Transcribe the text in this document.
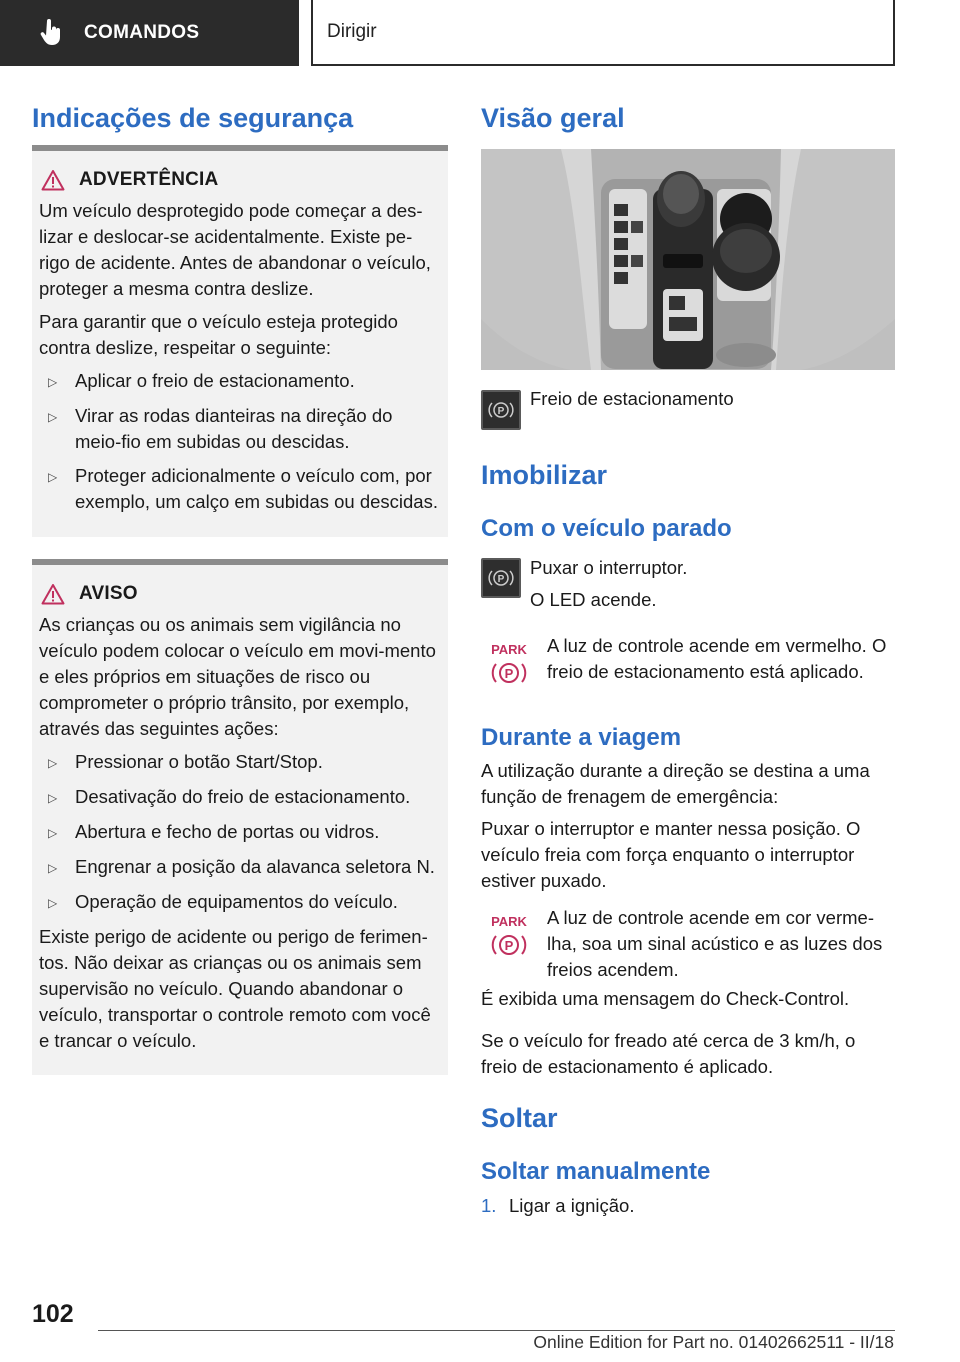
COMANDOS	Dirigir
Indicações de segurança
ADVERTÊNCIA

Um veículo desprotegido pode começar a des-lizar e deslocar-se acidentalmente. Existe pe-rigo de acidente. Antes de abandonar o veículo, proteger a mesma contra deslize.

Para garantir que o veículo esteja protegido contra deslize, respeitar o seguinte:

▷ Aplicar o freio de estacionamento.
▷ Virar as rodas dianteiras na direção do meio-fio em subidas ou descidas.
▷ Proteger adicionalmente o veículo com, por exemplo, um calço em subidas ou descidas.
AVISO

As crianças ou os animais sem vigilância no veículo podem colocar o veículo em movi-mento e eles próprios em situações de risco ou comprometer o próprio trânsito, por exemplo, através das seguintes ações:

▷ Pressionar o botão Start/Stop.
▷ Desativação do freio de estacionamento.
▷ Abertura e fecho de portas ou vidros.
▷ Engrenar a posição da alavanca seletora N.
▷ Operação de equipamentos do veículo.

Existe perigo de acidente ou perigo de ferimen-tos. Não deixar as crianças ou os animais sem supervisão no veículo. Quando abandonar o veículo, transportar o controle remoto com você e trancar o veículo.

Visão geral
P
Freio de estacionamento
Imobilizar
Com o veículo parado
P
Puxar o interruptor.
O LED acende.
PARK
P
A luz de controle acende em vermelho. O freio de estacionamento está aplicado.
Durante a viagem
A utilização durante a direção se destina a uma função de frenagem de emergência:
Puxar o interruptor e manter nessa posição. O veículo freia com força enquanto o interruptor estiver puxado.
PARK
P
A luz de controle acende em cor verme-lha, soa um sinal acústico e as luzes dos freios acendem.
É exibida uma mensagem do Check-Control.
Se o veículo for freado até cerca de 3 km/h, o freio de estacionamento é aplicado.
Soltar
Soltar manualmente
1. Ligar a ignição.
102
Online Edition for Part no. 01402662511 - II/18
